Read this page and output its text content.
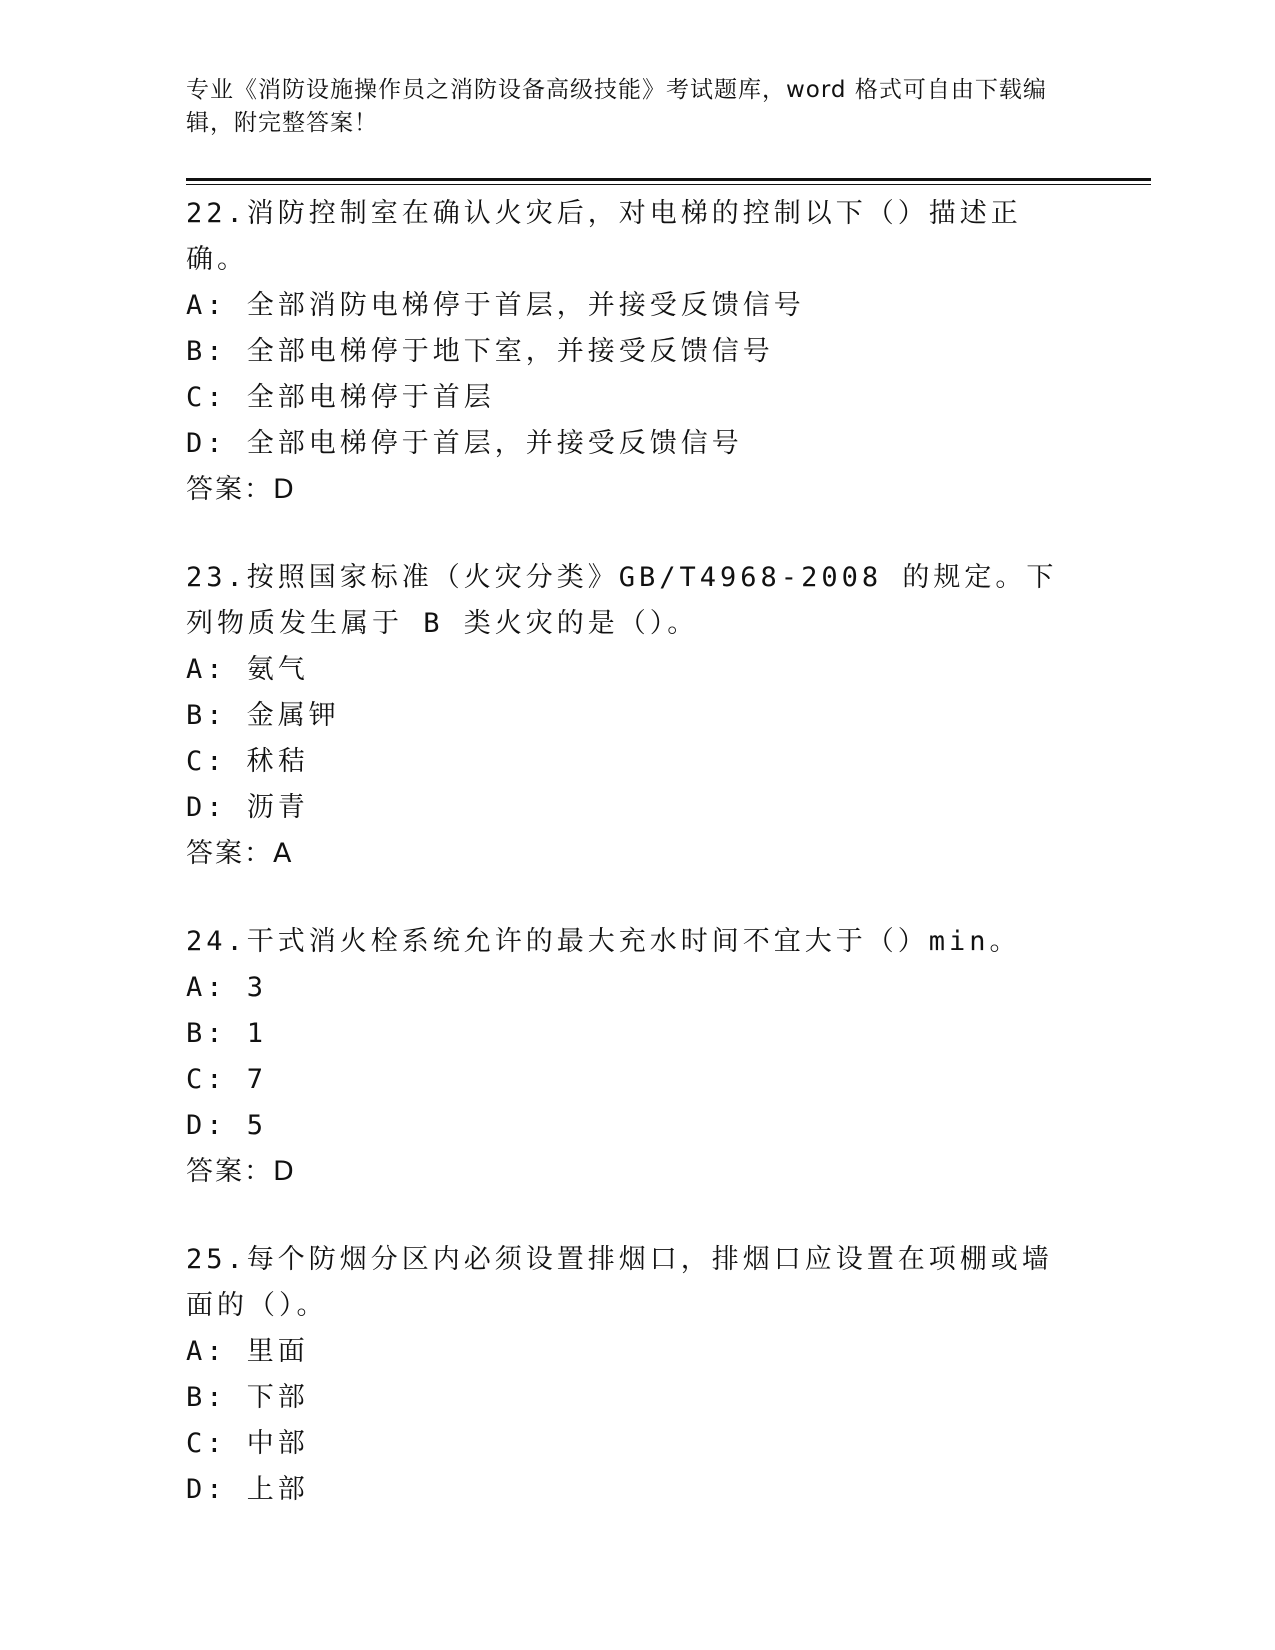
专业《消防设施操作员之消防设备高级技能》考试题库，word 格式可自由下载编辑，附完整答案！
22.消防控制室在确认火灾后，对电梯的控制以下（）描述正确。
A: 全部消防电梯停于首层，并接受反馈信号
B: 全部电梯停于地下室，并接受反馈信号
C: 全部电梯停于首层
D: 全部电梯停于首层，并接受反馈信号
答案：D
23.按照国家标准（火灾分类》GB/T4968-2008 的规定。下列物质发生属于 B 类火灾的是（）。
A: 氨气
B: 金属钾
C: 秫秸
D: 沥青
答案：A
24.干式消火栓系统允许的最大充水时间不宜大于（）min。
A: 3
B: 1
C: 7
D: 5
答案：D
25.每个防烟分区内必须设置排烟口，排烟口应设置在项棚或墙面的（）。
A: 里面
B: 下部
C: 中部
D: 上部
